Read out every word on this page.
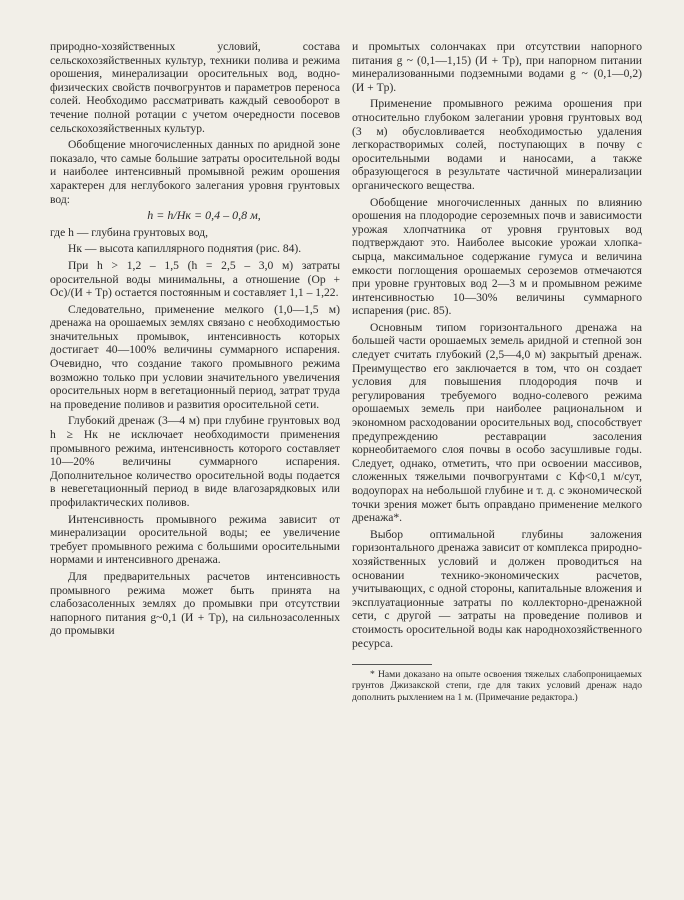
природно-хозяйственных условий, состава сельскохозяйственных культур, техники полива и режима орошения, минерализации оросительных вод, водно-физических свойств почвогрунтов и параметров переноса солей. Необходимо рассматривать каждый севооборот в течение полной ротации с учетом очередности посевов сельскохозяйственных культур.

Обобщение многочисленных данных по аридной зоне показало, что самые большие затраты оросительной воды и наиболее интенсивный промывной режим орошения характерен для неглубокого залегания уровня грунтовых вод:

h = h/Hк = 0,4 – 0,8 м,

где h — глубина грунтовых вод,

Hк — высота капиллярного поднятия (рис. 84).

При h > 1,2 – 1,5 (h = 2,5 – 3,0 м) затраты оросительной воды минимальны, а отношение (Oр + Oс)/(И + Tр) остается постоянным и составляет 1,1 – 1,22.

Следовательно, применение мелкого (1,0—1,5 м) дренажа на орошаемых землях связано с необходимостью значительных промывок, интенсивность которых достигает 40—100% величины суммарного испарения. Очевидно, что создание такого промывного режима возможно только при условии значительного увеличения оросительных норм в вегетационный период, затрат труда на проведение поливов и развития оросительной сети.

Глубокий дренаж (3—4 м) при глубине грунтовых вод h ≥ Hк не исключает необходимости применения промывного режима, интенсивность которого составляет 10—20% величины суммарного испарения. Дополнительное количество оросительной воды подается в невегетационный период в виде влагозарядковых или профилактических поливов.

Интенсивность промывного режима зависит от минерализации оросительной воды; ее увеличение требует промывного режима с большими оросительными нормами и интенсивного дренажа.

Для предварительных расчетов интенсивность промывного режима может быть принята на слабозасоленных землях до промывки при отсутствии напорного питания g~0,1 (И + Tр), на сильнозасоленных до промывки

и промытых солончаках при отсутствии напорного питания g ~ (0,1—1,15) (И + Tр), при напорном питании минерализованными подземными водами g ~ (0,1—0,2) (И + Tр).

Применение промывного режима орошения при относительно глубоком залегании уровня грунтовых вод (3 м) обусловливается необходимостью удаления легкорастворимых солей, поступающих в почву с оросительными водами и наносами, а также образующегося в результате частичной минерализации органического вещества.

Обобщение многочисленных данных по влиянию орошения на плодородие сероземных почв и зависимости урожая хлопчатника от уровня грунтовых вод подтверждают это. Наиболее высокие урожаи хлопка-сырца, максимальное содержание гумуса и величина емкости поглощения орошаемых сероземов отмечаются при уровне грунтовых вод 2—3 м и промывном режиме интенсивностью 10—30% величины суммарного испарения (рис. 85).

Основным типом горизонтального дренажа на большей части орошаемых земель аридной и степной зон следует считать глубокий (2,5—4,0 м) закрытый дренаж. Преимущество его заключается в том, что он создает условия для повышения плодородия почв и регулирования требуемого водно-солевого режима орошаемых земель при наиболее рациональном и экономном расходовании оросительных вод, способствует предупреждению реставрации засоления корнеобитаемого слоя почвы в особо засушливые годы. Следует, однако, отметить, что при освоении массивов, сложенных тяжелыми почвогрунтами с Kф<0,1 м/сут, водоупорах на небольшой глубине и т. д. с экономической точки зрения может быть оправдано применение мелкого дренажа*.

Выбор оптимальной глубины заложения горизонтального дренажа зависит от комплекса природно-хозяйственных условий и должен проводиться на основании технико-экономических расчетов, учитывающих, с одной стороны, капитальные вложения и эксплуатационные затраты по коллекторно-дренажной сети, с другой — затраты на проведение поливов и стоимость оросительной воды как народнохозяйственного ресурса.

* Нами доказано на опыте освоения тяжелых слабопроницаемых грунтов Джизакской степи, где для таких условий дренаж надо дополнить рыхлением на 1 м. (Примечание редактора.)
